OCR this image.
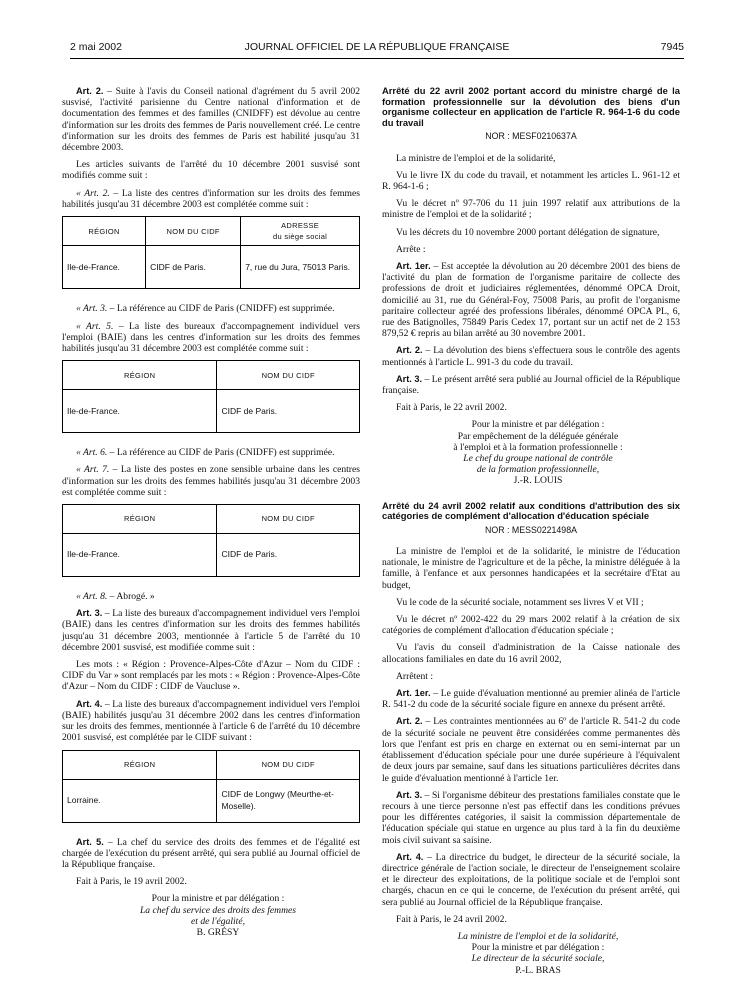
2 mai 2002	JOURNAL OFFICIEL DE LA RÉPUBLIQUE FRANÇAISE	7945

Art. 2. – Suite à l'avis du Conseil national d'agrément du 5 avril 2002 susvisé, l'activité parisienne du Centre national d'information et de documentation des femmes et des familles (CNIDFF) est dévolue au centre d'information sur les droits des femmes de Paris nouvellement créé. Le centre d'information sur les droits des femmes de Paris est habilité jusqu'au 31 décembre 2003.

Les articles suivants de l'arrêté du 10 décembre 2001 susvisé sont modifiés comme suit :

« Art. 2. – La liste des centres d'information sur les droits des femmes habilités jusqu'au 31 décembre 2003 est complétée comme suit :

RÉGION	NOM DU CIDF	ADRESSE
du siège social
Ile-de-France.	CIDF de Paris.	7, rue du Jura, 75013 Paris.

« Art. 3. – La référence au CIDF de Paris (CNIDFF) est supprimée.

« Art. 5. – La liste des bureaux d'accompagnement individuel vers l'emploi (BAIE) dans les centres d'information sur les droits des femmes habilités jusqu'au 31 décembre 2003 est complétée comme suit :

RÉGION	NOM DU CIDF
Ile-de-France.	CIDF de Paris.

« Art. 6. – La référence au CIDF de Paris (CNIDFF) est supprimée.

« Art. 7. – La liste des postes en zone sensible urbaine dans les centres d'information sur les droits des femmes habilités jusqu'au 31 décembre 2003 est complétée comme suit :

RÉGION	NOM DU CIDF
Ile-de-France.	CIDF de Paris.

« Art. 8. – Abrogé. »

Art. 3. – La liste des bureaux d'accompagnement individuel vers l'emploi (BAIE) dans les centres d'information sur les droits des femmes habilités jusqu'au 31 décembre 2003, mentionnée à l'article 5 de l'arrêté du 10 décembre 2001 susvisé, est modifiée comme suit :

Les mots : « Région : Provence-Alpes-Côte d'Azur – Nom du CIDF : CIDF du Var » sont remplacés par les mots : « Région : Provence-Alpes-Côte d'Azur – Nom du CIDF : CIDF de Vaucluse ».

Art. 4. – La liste des bureaux d'accompagnement individuel vers l'emploi (BAIE) habilités jusqu'au 31 décembre 2002 dans les centres d'information sur les droits des femmes, mentionnée à l'article 6 de l'arrêté du 10 décembre 2001 susvisé, est complétée par le CIDF suivant :

RÉGION	NOM DU CIDF
Lorraine.	CIDF de Longwy (Meurthe-et-Moselle).

Art. 5. – La chef du service des droits des femmes et de l'égalité est chargée de l'exécution du présent arrêté, qui sera publié au Journal officiel de la République française.

Fait à Paris, le 19 avril 2002.

Pour la ministre et par délégation :

La chef du service des droits des femmes

et de l'égalité,

B. GRÉSY

Arrêté du 22 avril 2002 portant accord du ministre chargé de la formation professionnelle sur la dévolution des biens d'un organisme collecteur en application de l'article R. 964-1-6 du code du travail

NOR : MESF0210637A

La ministre de l'emploi et de la solidarité,

Vu le livre IX du code du travail, et notamment les articles L. 961-12 et R. 964-1-6 ;

Vu le décret nº 97-706 du 11 juin 1997 relatif aux attributions de la ministre de l'emploi et de la solidarité ;

Vu les décrets du 10 novembre 2000 portant délégation de signature,

Arrête :

Art. 1er. – Est acceptée la dévolution au 20 décembre 2001 des biens de l'activité du plan de formation de l'organisme paritaire de collecte des professions de droit et judiciaires réglementées, dénommé OPCA Droit, domicilié au 31, rue du Général-Foy, 75008 Paris, au profit de l'organisme paritaire collecteur agréé des professions libérales, dénommé OPCA PL, 6, rue des Batignolles, 75849 Paris Cedex 17, portant sur un actif net de 2 153 879,52 € repris au bilan arrêté au 30 novembre 2001.

Art. 2. – La dévolution des biens s'effectuera sous le contrôle des agents mentionnés à l'article L. 991-3 du code du travail.

Art. 3. – Le présent arrêté sera publié au Journal officiel de la République française.

Fait à Paris, le 22 avril 2002.

Pour la ministre et par délégation :

Par empêchement de la déléguée générale

à l'emploi et à la formation professionnelle :

Le chef du groupe national de contrôle

de la formation professionnelle,

J.-R. LOUIS

Arrêté du 24 avril 2002 relatif aux conditions d'attribution des six catégories de complément d'allocation d'éducation spéciale

NOR : MESS0221498A

La ministre de l'emploi et de la solidarité, le ministre de l'éducation nationale, le ministre de l'agriculture et de la pêche, la ministre déléguée à la famille, à l'enfance et aux personnes handicapées et la secrétaire d'Etat au budget,

Vu le code de la sécurité sociale, notamment ses livres V et VII ;

Vu le décret nº 2002-422 du 29 mars 2002 relatif à la création de six catégories de complément d'allocation d'éducation spéciale ;

Vu l'avis du conseil d'administration de la Caisse nationale des allocations familiales en date du 16 avril 2002,

Arrêtent :

Art. 1er. – Le guide d'évaluation mentionné au premier alinéa de l'article R. 541-2 du code de la sécurité sociale figure en annexe du présent arrêté.

Art. 2. – Les contraintes mentionnées au 6º de l'article R. 541-2 du code de la sécurité sociale ne peuvent être considérées comme permanentes dès lors que l'enfant est pris en charge en externat ou en semi-internat par un établissement d'éducation spéciale pour une durée supérieure à l'équivalent de deux jours par semaine, sauf dans les situations particulières décrites dans le guide d'évaluation mentionné à l'article 1er.

Art. 3. – Si l'organisme débiteur des prestations familiales constate que le recours à une tierce personne n'est pas effectif dans les conditions prévues pour les différentes catégories, il saisit la commission départementale de l'éducation spéciale qui statue en urgence au plus tard à la fin du deuxième mois civil suivant sa saisine.

Art. 4. – La directrice du budget, le directeur de la sécurité sociale, la directrice générale de l'action sociale, le directeur de l'enseignement scolaire et le directeur des exploitations, de la politique sociale et de l'emploi sont chargés, chacun en ce qui le concerne, de l'exécution du présent arrêté, qui sera publié au Journal officiel de la République française.

Fait à Paris, le 24 avril 2002.

La ministre de l'emploi et de la solidarité,

Pour la ministre et par délégation :

Le directeur de la sécurité sociale,

P.-L. BRAS
